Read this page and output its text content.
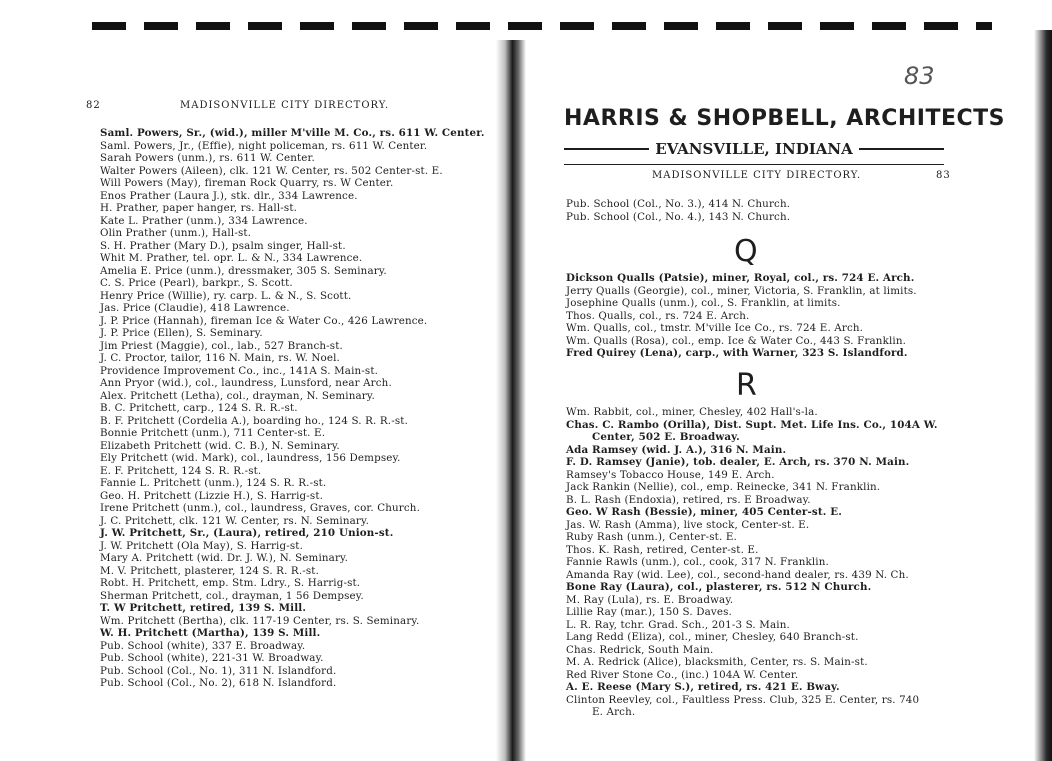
82	MADISONVILLE CITY DIRECTORY.
Saml. Powers, Sr., (wid.), miller M'ville M. Co., rs. 611 W. Center.
Saml. Powers, Jr., (Effie), night policeman, rs. 611 W. Center.
Sarah Powers (unm.), rs. 611 W. Center.
Walter Powers (Aileen), clk. 121 W. Center, rs. 502 Center-st. E.
Will Powers (May), fireman Rock Quarry, rs. W Center.
Enos Prather (Laura J.), stk. dlr., 334 Lawrence.
H. Prather, paper hanger, rs. Hall-st.
Kate L. Prather (unm.), 334 Lawrence.
Olin Prather (unm.), Hall-st.
S. H. Prather (Mary D.), psalm singer, Hall-st.
Whit M. Prather, tel. opr. L. & N., 334 Lawrence.
Amelia E. Price (unm.), dressmaker, 305 S. Seminary.
C. S. Price (Pearl), barkpr., S. Scott.
Henry Price (Willie), ry. carp. L. & N., S. Scott.
Jas. Price (Claudie), 418 Lawrence.
J. P. Price (Hannah), fireman Ice & Water Co., 426 Lawrence.
J. P. Price (Ellen), S. Seminary.
Jim Priest (Maggie), col., lab., 527 Branch-st.
J. C. Proctor, tailor, 116 N. Main, rs. W. Noel.
Providence Improvement Co., inc., 141A S. Main-st.
Ann Pryor (wid.), col., laundress, Lunsford, near Arch.
Alex. Pritchett (Letha), col., drayman, N. Seminary.
B. C. Pritchett, carp., 124 S. R. R.-st.
B. F. Pritchett (Cordelia A.), boarding ho., 124 S. R. R.-st.
Bonnie Pritchett (unm.), 711 Center-st. E.
Elizabeth Pritchett (wid. C. B.), N. Seminary.
Ely Pritchett (wid. Mark), col., laundress, 156 Dempsey.
E. F. Pritchett, 124 S. R. R.-st.
Fannie L. Pritchett (unm.), 124 S. R. R.-st.
Geo. H. Pritchett (Lizzie H.), S. Harrig-st.
Irene Pritchett (unm.), col., laundress, Graves, cor. Church.
J. C. Pritchett, clk. 121 W. Center, rs. N. Seminary.
J. W. Pritchett, Sr., (Laura), retired, 210 Union-st.
J. W. Pritchett (Ola May), S. Harrig-st.
Mary A. Pritchett (wid. Dr. J. W.), N. Seminary.
M. V. Pritchett, plasterer, 124 S. R. R.-st.
Robt. H. Pritchett, emp. Stm. Ldry., S. Harrig-st.
Sherman Pritchett, col., drayman, 1 56 Dempsey.
T. W Pritchett, retired, 139 S. Mill.
Wm. Pritchett (Bertha), clk. 117-19 Center, rs. S. Seminary.
W. H. Pritchett (Martha), 139 S. Mill.
Pub. School (white), 337 E. Broadway.
Pub. School (white), 221-31 W. Broadway.
Pub. School (Col., No. 1), 311 N. Islandford.
Pub. School (Col., No. 2), 618 N. Islandford.
83
HARRIS & SHOPBELL, ARCHITECTS
EVANSVILLE, INDIANA
MADISONVILLE CITY DIRECTORY.	83
Pub. School (Col., No. 3.), 414 N. Church.
Pub. School (Col., No. 4.), 143 N. Church.
Q
Dickson Qualls (Patsie), miner, Royal, col., rs. 724 E. Arch.
Jerry Qualls (Georgie), col., miner, Victoria, S. Franklin, at limits.
Josephine Qualls (unm.), col., S. Franklin, at limits.
Thos. Qualls, col., rs. 724 E. Arch.
Wm. Qualls, col., tmstr. M'ville Ice Co., rs. 724 E. Arch.
Wm. Qualls (Rosa), col., emp. Ice & Water Co., 443 S. Franklin.
Fred Quirey (Lena), carp., with Warner, 323 S. Islandford.
R
Wm. Rabbit, col., miner, Chesley, 402 Hall's-la.
Chas. C. Rambo (Orilla), Dist. Supt. Met. Life Ins. Co., 104A W.
Center, 502 E. Broadway.
Ada Ramsey (wid. J. A.), 316 N. Main.
F. D. Ramsey (Janie), tob. dealer, E. Arch, rs. 370 N. Main.
Ramsey's Tobacco House, 149 E. Arch.
Jack Rankin (Nellie), col., emp. Reinecke, 341 N. Franklin.
B. L. Rash (Endoxia), retired, rs. E Broadway.
Geo. W Rash (Bessie), miner, 405 Center-st. E.
Jas. W. Rash (Amma), live stock, Center-st. E.
Ruby Rash (unm.), Center-st. E.
Thos. K. Rash, retired, Center-st. E.
Fannie Rawls (unm.), col., cook, 317 N. Franklin.
Amanda Ray (wid. Lee), col., second-hand dealer, rs. 439 N. Ch.
Bone Ray (Laura), col., plasterer, rs. 512 N Church.
M. Ray (Lula), rs. E. Broadway.
Lillie Ray (mar.), 150 S. Daves.
L. R. Ray, tchr. Grad. Sch., 201-3 S. Main.
Lang Redd (Eliza), col., miner, Chesley, 640 Branch-st.
Chas. Redrick, South Main.
M. A. Redrick (Alice), blacksmith, Center, rs. S. Main-st.
Red River Stone Co., (inc.) 104A W. Center.
A. E. Reese (Mary S.), retired, rs. 421 E. Bway.
Clinton Reevley, col., Faultless Press. Club, 325 E. Center, rs. 740
E. Arch.
